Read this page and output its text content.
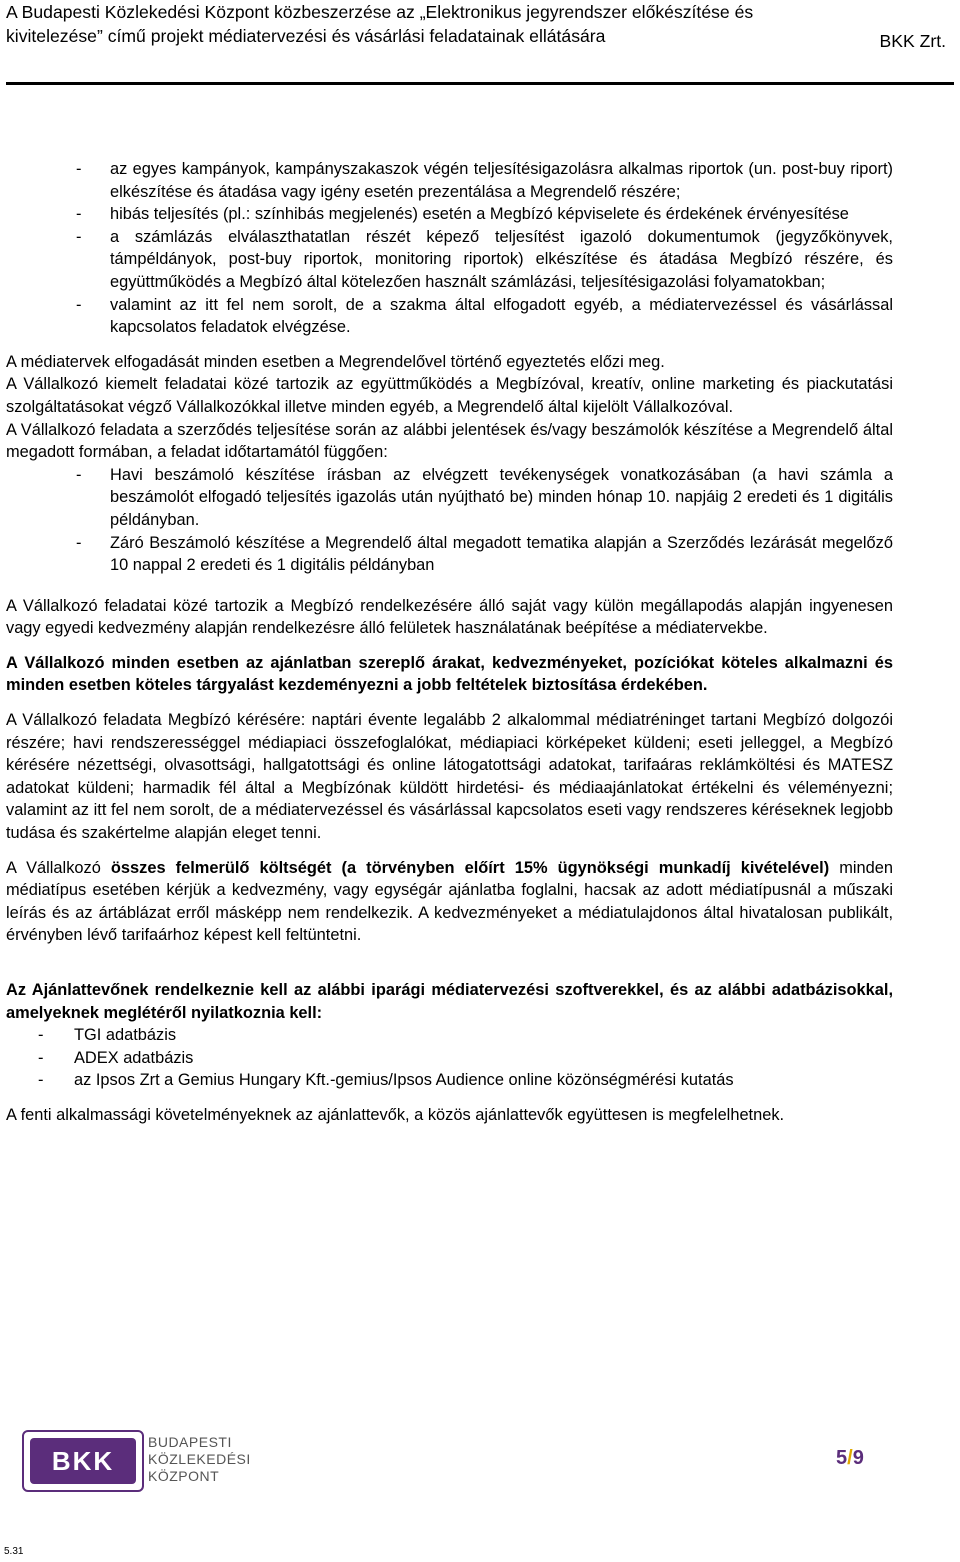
A Budapesti Közlekedési Központ közbeszerzése az „Elektronikus jegyrendszer előkészítése és kivitelezése” című projekt médiatervezési és vásárlási feladatainak ellátására	BKK Zrt.
- az egyes kampányok, kampányszakaszok végén teljesítésigazolásra alkalmas riportok (un. post-buy riport) elkészítése és átadása vagy igény esetén prezentálása a Megrendelő részére;
- hibás teljesítés (pl.: színhibás megjelenés) esetén a Megbízó képviselete és érdekének érvényesítése
- a számlázás elválaszthatatlan részét képező teljesítést igazoló dokumentumok (jegyzőkönyvek, támpéldányok, post-buy riportok, monitoring riportok) elkészítése és átadása Megbízó részére, és együttműködés a Megbízó által kötelezően használt számlázási, teljesítésigazolási folyamatokban;
- valamint az itt fel nem sorolt, de a szakma által elfogadott egyéb, a médiatervezéssel és vásárlással kapcsolatos feladatok elvégzése.

A médiatervek elfogadását minden esetben a Megrendelővel történő egyeztetés előzi meg.

A Vállalkozó kiemelt feladatai közé tartozik az együttműködés a Megbízóval, kreatív, online marketing és piackutatási szolgáltatásokat végző Vállalkozókkal illetve minden egyéb, a Megrendelő által kijelölt Vállalkozóval.

A Vállalkozó feladata a szerződés teljesítése során az alábbi jelentések és/vagy beszámolók készítése a Megrendelő által megadott formában, a feladat időtartamától függően:

- Havi beszámoló készítése írásban az elvégzett tevékenységek vonatkozásában (a havi számla a beszámolót elfogadó teljesítés igazolás után nyújtható be) minden hónap 10. napjáig 2 eredeti és 1 digitális példányban.
- Záró Beszámoló készítése a Megrendelő által megadott tematika alapján a Szerződés lezárását megelőző 10 nappal 2 eredeti és 1 digitális példányban

A Vállalkozó feladatai közé tartozik a Megbízó rendelkezésére álló saját vagy külön megállapodás alapján ingyenesen vagy egyedi kedvezmény alapján rendelkezésre álló felületek használatának beépítése a médiatervekbe.

A Vállalkozó minden esetben az ajánlatban szereplő árakat, kedvezményeket, pozíciókat köteles alkalmazni és minden esetben köteles tárgyalást kezdeményezni a jobb feltételek biztosítása érdekében.

A Vállalkozó feladata Megbízó kérésére: naptári évente legalább 2 alkalommal médiatréninget tartani Megbízó dolgozói részére; havi rendszerességgel médiapiaci összefoglalókat, médiapiaci körképeket küldeni; eseti jelleggel, a Megbízó kérésére nézettségi, olvasottsági, hallgatottsági és online látogatottsági adatokat, tarifaáras reklámköltési és MATESZ adatokat küldeni; harmadik fél által a Megbízónak küldött hirdetési- és médiaajánlatokat értékelni és véleményezni; valamint az itt fel nem sorolt, de a médiatervezéssel és vásárlással kapcsolatos eseti vagy rendszeres kéréseknek legjobb tudása és szakértelme alapján eleget tenni.

A Vállalkozó összes felmerülő költségét (a törvényben előírt 15% ügynökségi munkadíj kivételével) minden médiatípus esetében kérjük a kedvezmény, vagy egységár ajánlatba foglalni, hacsak az adott médiatípusnál a műszaki leírás és az ártáblázat erről másképp nem rendelkezik. A kedvezményeket a médiatulajdonos által hivatalosan publikált, érvényben lévő tarifaárhoz képest kell feltüntetni.

Az Ajánlattevőnek rendelkeznie kell az alábbi iparági médiatervezési szoftverekkel, és az alábbi adatbázisokkal, amelyeknek meglétéről nyilatkoznia kell:

- TGI adatbázis
- ADEX adatbázis
- az Ipsos Zrt a Gemius Hungary Kft.-gemius/Ipsos Audience online közönségmérési kutatás

A fenti alkalmassági követelményeknek az ajánlattevők, a közös ajánlattevők együttesen is megfelelhetnek.

BKK
BUDAPESTI
KÖZLEKEDÉSI
KÖZPONT
5/9
5.31
